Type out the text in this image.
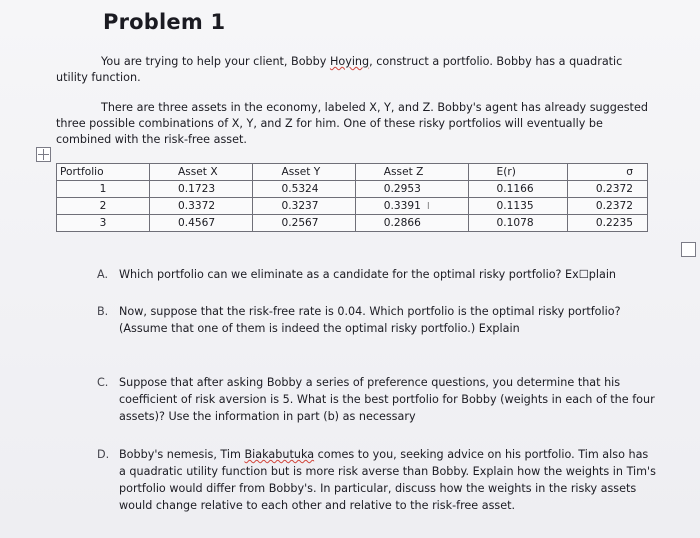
Problem 1

You are trying to help your client, Bobby Hoying, construct a portfolio. Bobby has a quadratic utility function.

There are three assets in the economy, labeled X, Y, and Z. Bobby's agent has already suggested three possible combinations of X, Y, and Z for him. One of these risky portfolios will eventually be combined with the risk-free asset.

Portfolio	Asset X	Asset Y	Asset Z	E(r)	σ
1	0.1723	0.5324	0.2953	0.1166	0.2372
2	0.3372	0.3237	0.3391 I	0.1135	0.2372
3	0.4567	0.2567	0.2866	0.1078	0.2235
A. Which portfolio can we eliminate as a candidate for the optimal risky portfolio? Ex☐plain
B. Now, suppose that the risk-free rate is 0.04. Which portfolio is the optimal risky portfolio? (Assume that one of them is indeed the optimal risky portfolio.) Explain
C. Suppose that after asking Bobby a series of preference questions, you determine that his coefficient of risk aversion is 5. What is the best portfolio for Bobby (weights in each of the four assets)? Use the information in part (b) as necessary
D. Bobby's nemesis, Tim Biakabutuka comes to you, seeking advice on his portfolio. Tim also has a quadratic utility function but is more risk averse than Bobby. Explain how the weights in Tim's portfolio would differ from Bobby's. In particular, discuss how the weights in the risky assets would change relative to each other and relative to the risk-free asset.
